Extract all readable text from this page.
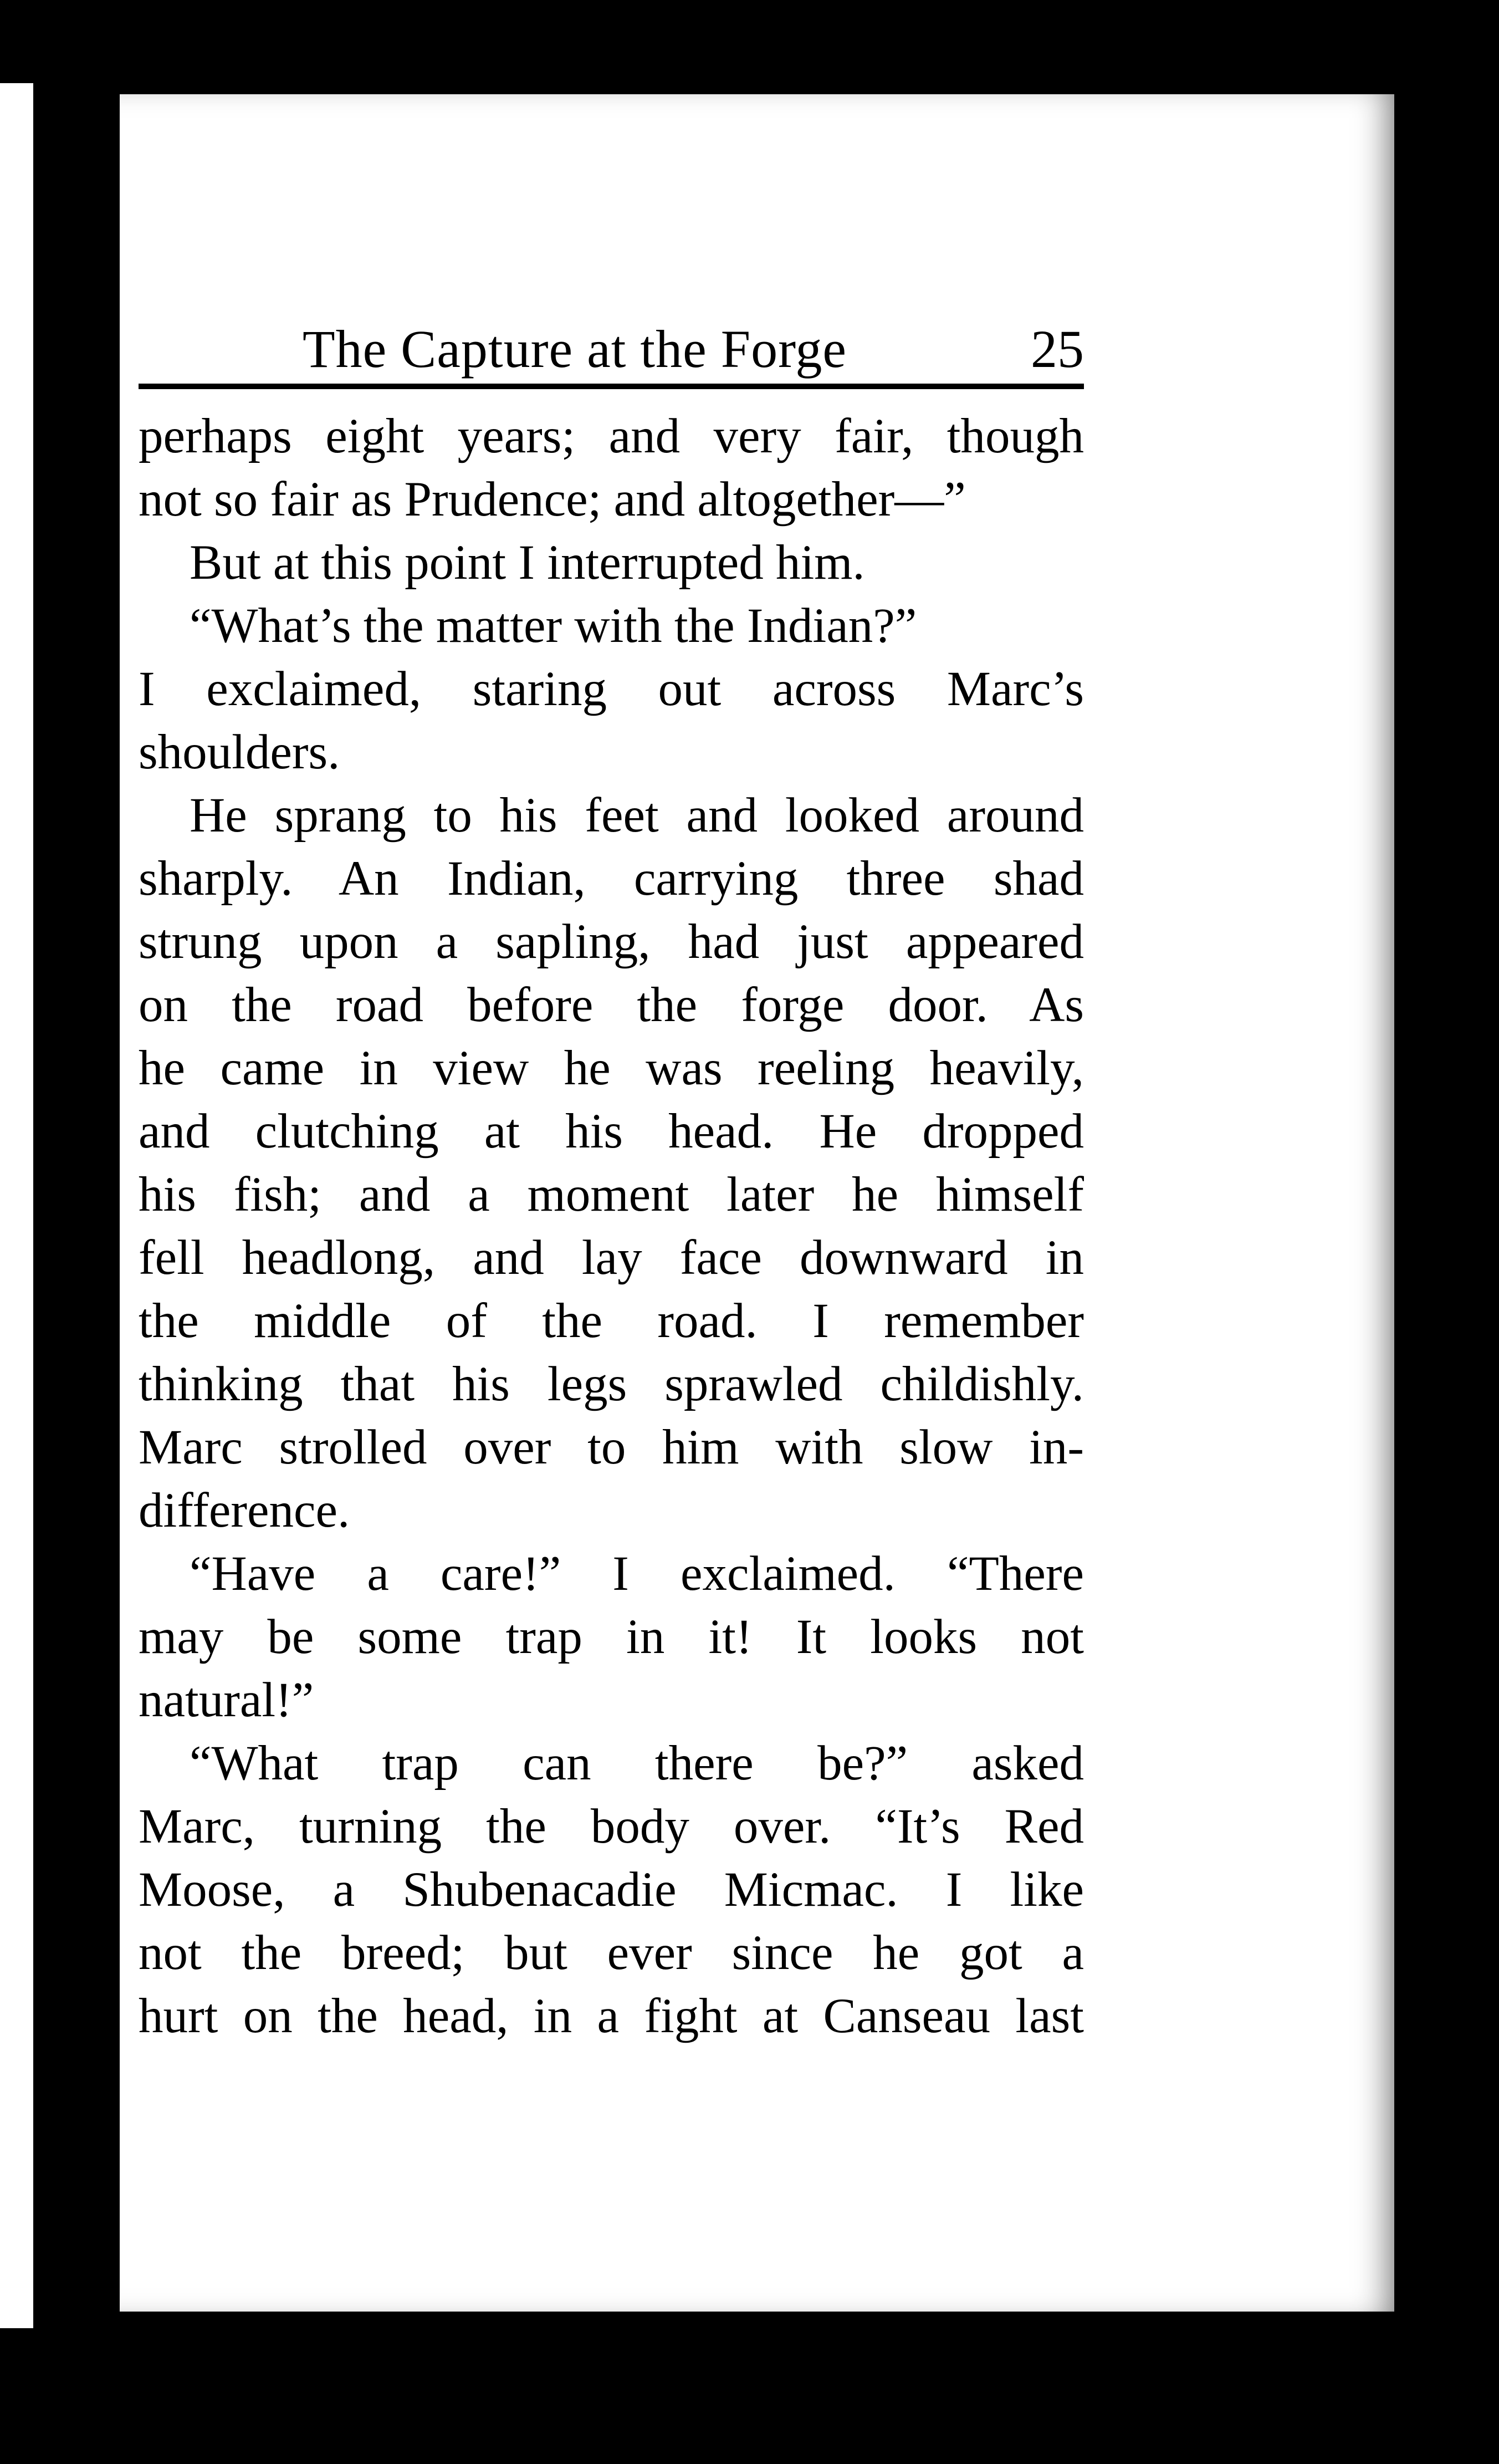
The Capture at the Forge	25
perhaps eight years; and very fair, though
not so fair as Prudence; and altogether—”
But at this point I interrupted him.
“What’s the matter with the Indian?”
I exclaimed, staring out across Marc’s
shoulders.
He sprang to his feet and looked around
sharply. An Indian, carrying three shad
strung upon a sapling, had just appeared
on the road before the forge door. As
he came in view he was reeling heavily,
and clutching at his head. He dropped
his fish; and a moment later he himself
fell headlong, and lay face downward in
the middle of the road. I remember
thinking that his legs sprawled childishly.
Marc strolled over to him with slow in-
difference.
“Have a care!” I exclaimed. “There
may be some trap in it! It looks not
natural!”
“What trap can there be?” asked
Marc, turning the body over. “It’s Red
Moose, a Shubenacadie Micmac. I like
not the breed; but ever since he got a
hurt on the head, in a fight at Canseau last
